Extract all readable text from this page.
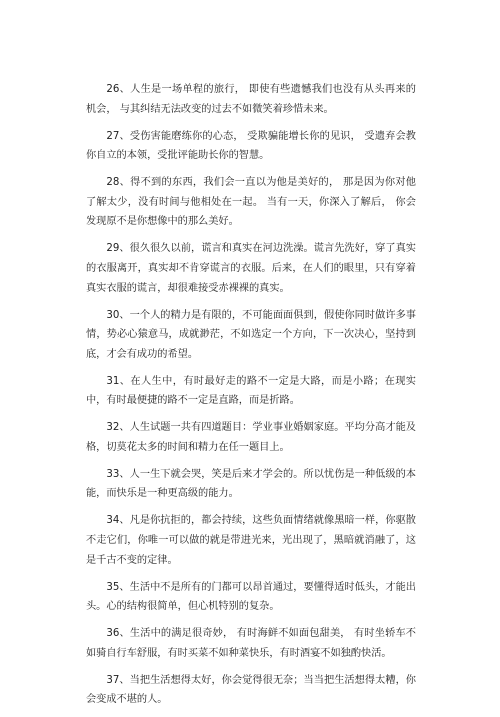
26、人生是一场单程的旅行， 即使有些遗憾我们也没有从头再来的机会， 与其纠结无法改变的过去不如微笑着珍惜未来。

27、受伤害能磨练你的心态， 受欺骗能增长你的见识， 受遗弃会教你自立的本领，受批评能助长你的智慧。

28、得不到的东西，我们会一直以为他是美好的， 那是因为你对他了解太少，没有时间与他相处在一起。 当有一天，你深入了解后， 你会发现原不是你想像中的那么美好。

29、很久很久以前，谎言和真实在河边洗澡。谎言先洗好，穿了真实的衣服离开，真实却不肯穿谎言的衣服。后来，在人们的眼里，只有穿着真实衣服的谎言，却很难接受赤裸裸的真实。

30、一个人的精力是有限的，不可能面面俱到，假使你同时做许多事情，势必心猿意马，成就渺茫，不如选定一个方向，下一次决心，坚持到底，才会有成功的希望。

31、在人生中，有时最好走的路不一定是大路，而是小路；在现实中，有时最便捷的路不一定是直路，而是折路。

32、人生试题一共有四道题目：学业事业婚姻家庭。平均分高才能及格，切莫花太多的时间和精力在任一题目上。

33、人一生下就会哭，笑是后来才学会的。所以忧伤是一种低级的本能，而快乐是一种更高级的能力。

34、凡是你抗拒的，都会持续，这些负面情绪就像黑暗一样，你驱散不走它们，你唯一可以做的就是带进光来，光出现了，黑暗就消融了，这是千古不变的定律。

35、生活中不是所有的门都可以昂首通过，要懂得适时低头，才能出头。心的结构很简单，但心机特别的复杂。

36、生活中的满足很奇妙， 有时海鲜不如面包甜美， 有时坐轿车不如骑自行车舒服，有时买菜不如种菜快乐，有时酒宴不如独酌快活。

37、当把生活想得太好，你会觉得很无奈；当当把生活想得太糟，你会变成不堪的人。
